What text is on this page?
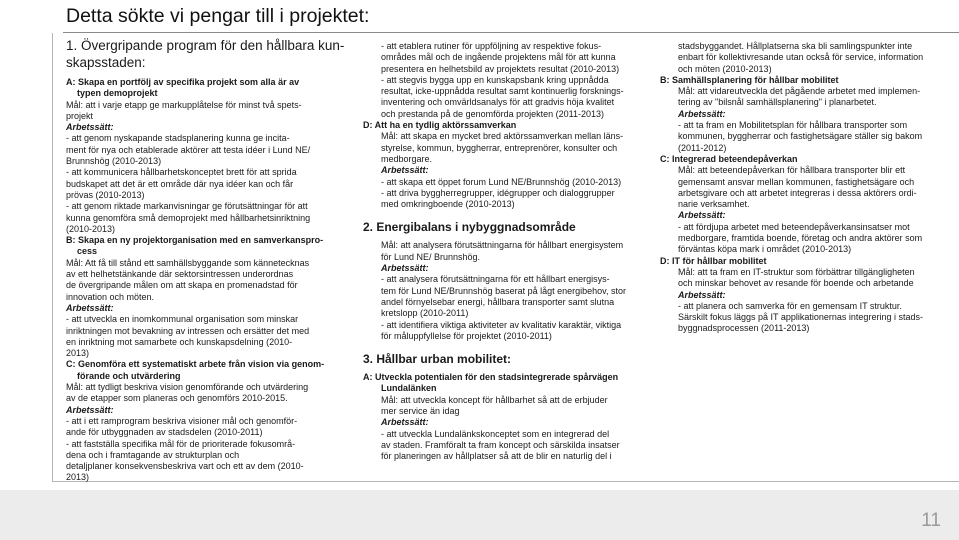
Detta sökte vi pengar till i projektet:
1. Övergripande program för den hållbara kun-
skapsstaden:
A: Skapa en portfölj av specifika projekt som alla är av
typen demoprojekt
Mål: att i varje etapp ge markupplåtelse för minst två spets-
projekt
Arbetssätt:
- att genom nyskapande stadsplanering kunna ge incita-
ment för nya och etablerade aktörer att testa idéer i Lund NE/
Brunnshög (2010-2013)
- att kommunicera hållbarhetskonceptet brett för att sprida
budskapet att det är ett område där nya idéer kan och får
prövas (2010-2013)
- att genom riktade markanvisningar ge förutsättningar för att
kunna genomföra små demoprojekt med hållbarhetsinriktning
(2010-2013)
B: Skapa en ny projektorganisation med en samverkanspro-
cess
Mål: Att få till stånd ett samhällsbyggande som kännetecknas
av ett helhetstänkande där sektorsintressen underordnas
de övergripande målen om att skapa en promenadstad för
innovation och möten.
Arbetssätt:
- att utveckla en inomkommunal organisation som minskar
inriktningen mot bevakning av intressen och ersätter det med
en inriktning mot samarbete och kunskapsdelning (2010-
2013)
C: Genomföra ett systematiskt arbete från vision via genom-
förande och utvärdering
Mål: att tydligt beskriva vision genomförande och utvärdering
av de etapper som planeras och genomförs 2010-2015.
Arbetssätt:
- att i ett ramprogram beskriva visioner mål och genomför-
ande för utbyggnaden av stadsdelen (2010-2011)
- att fastställa specifika mål för de prioriterade fokusområ-
dena och i framtagande av strukturplan och
detaljplaner konsekvensbeskriva vart och ett av dem (2010-
2013)
- att etablera rutiner för uppföljning av respektive fokus-
områdes mål och de ingående projektens mål för att kunna
presentera en helhetsbild av projektets resultat (2010-2013)
- att stegvis bygga upp en kunskapsbank kring uppnådda
resultat, icke-uppnådda resultat samt kontinuerlig forsknings-
inventering och omvärldsanalys för att gradvis höja kvalitet
och prestanda på de genomförda projekten (2011-2013)
D: Att ha en tydlig aktörssamverkan
Mål: att skapa en mycket bred aktörssamverkan mellan läns-
styrelse, kommun, byggherrar, entreprenörer, konsulter och
medborgare.
Arbetssätt:
- att skapa ett öppet forum Lund NE/Brunnshög (2010-2013)
- att driva byggherregrupper, idégrupper och dialoggrupper
med omkringboende (2010-2013)
2. Energibalans i nybyggnadsområde
Mål: att analysera förutsättningarna för hållbart energisystem
för Lund NE/ Brunnshög.
Arbetssätt:
- att analysera förutsättningarna för ett hållbart energisys-
tem för Lund NE/Brunnshög baserat på lågt energibehov, stor
andel förnyelsebar energi, hållbara transporter samt slutna
kretslopp (2010-2011)
- att identifiera viktiga aktiviteter av kvalitativ karaktär, viktiga
för måluppfyllelse för projektet (2010-2011)
3. Hållbar urban mobilitet:
A: Utveckla potentialen för den stadsintegrerade spårvägen
Lundalänken
Mål: att utveckla koncept för hållbarhet så att de erbjuder
mer service än idag
Arbetssätt:
- att utveckla Lundalänkskonceptet som en integrerad del
av staden. Framföralt ta fram koncept och särskilda insatser
för planeringen av hållplatser så att de blir en naturlig del i
stadsbyggandet. Hållplatserna ska bli samlingspunkter inte
enbart för kollektivresande utan också för service, information
och möten (2010-2013)
B: Samhällsplanering för hållbar mobilitet
Mål: att vidareutveckla det pågående arbetet med implemen-
tering av "bilsnål samhällsplanering" i planarbetet.
Arbetssätt:
- att ta fram en Mobilitetsplan för hållbara transporter som
kommunen, byggherrar och fastighetsägare ställer sig bakom
(2011-2012)
C: Integrerad beteendepåverkan
Mål: att beteendepåverkan för hållbara transporter blir ett
gemensamt ansvar mellan kommunen, fastighetsägare och
arbetsgivare och att arbetet integreras i dessa aktörers ordi-
narie verksamhet.
Arbetssätt:
- att fördjupa arbetet med beteendepåverkansinsatser mot
medborgare, framtida boende, företag och andra aktörer som
förväntas köpa mark i området (2010-2013)
D: IT för hållbar mobilitet
Mål: att ta fram en IT-struktur som förbättrar tillgängligheten
och minskar behovet av resande för boende och arbetande
Arbetssätt:
- att planera och samverka för en gemensam IT struktur.
Särskilt fokus läggs på IT applikationernas integrering i stads-
byggnadsprocessen (2011-2013)
11
